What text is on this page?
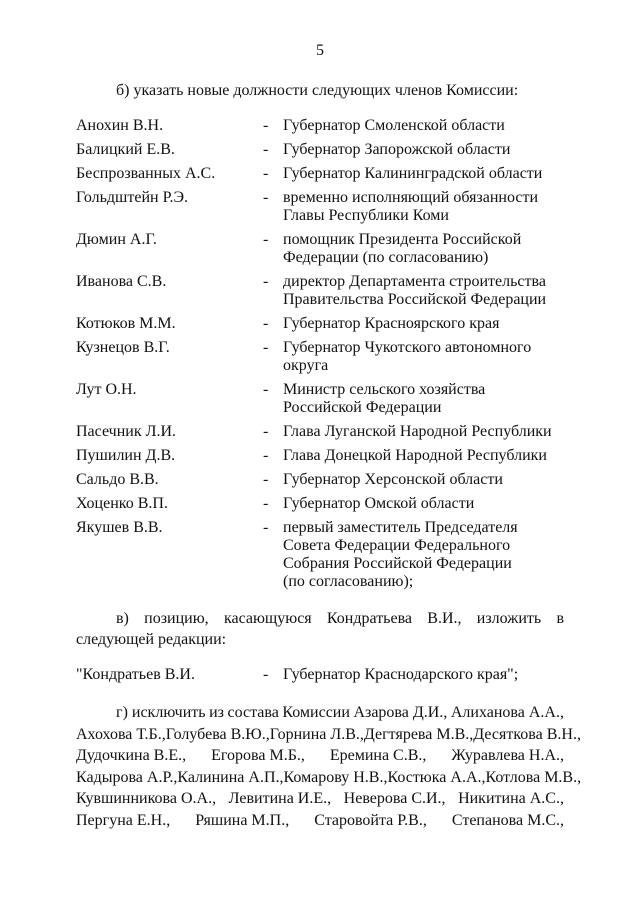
5
б) указать новые должности следующих членов Комиссии:
Анохин В.Н.	- Губернатор Смоленской области
Балицкий Е.В.	- Губернатор Запорожской области
Беспрозванных А.С.	- Губернатор Калининградской области
Гольдштейн Р.Э.	- временно исполняющий обязанности
Главы Республики Коми
Дюмин А.Г.	- помощник Президента Российской
Федерации (по согласованию)
Иванова С.В.	- директор Департамента строительства
Правительства Российской Федерации
Котюков М.М.	- Губернатор Красноярского края
Кузнецов В.Г.	- Губернатор Чукотского автономного
округа
Лут О.Н.	- Министр сельского хозяйства
Российской Федерации
Пасечник Л.И.	- Глава Луганской Народной Республики
Пушилин Д.В.	- Глава Донецкой Народной Республики
Сальдо В.В.	- Губернатор Херсонской области
Хоценко В.П.	- Губернатор Омской области
Якушев В.В.	- первый заместитель Председателя
Совета Федерации Федерального
Собрания Российской Федерации
(по согласованию);
в) позицию, касающуюся Кондратьева В.И., изложить в следующей редакции:
"Кондратьев В.И.	- Губернатор Краснодарского края";
г) исключить из состава Комиссии Азарова Д.И., Алиханова А.А.,
Ахохова Т.Б., Голубева В.Ю., Горнина Л.В., Дегтярева М.В., Десяткова В.Н.,
Дудочкина В.Е., Егорова М.Б., Еремина С.В., Журавлева Н.А.,
Кадырова А.Р., Калинина А.П., Комарову Н.В., Костюка А.А., Котлова М.В.,
Кувшинникова О.А., Левитина И.Е., Неверова С.И., Никитина А.С.,
Пергуна Е.Н., Ряшина М.П., Старовойта Р.В., Степанова М.С.,
